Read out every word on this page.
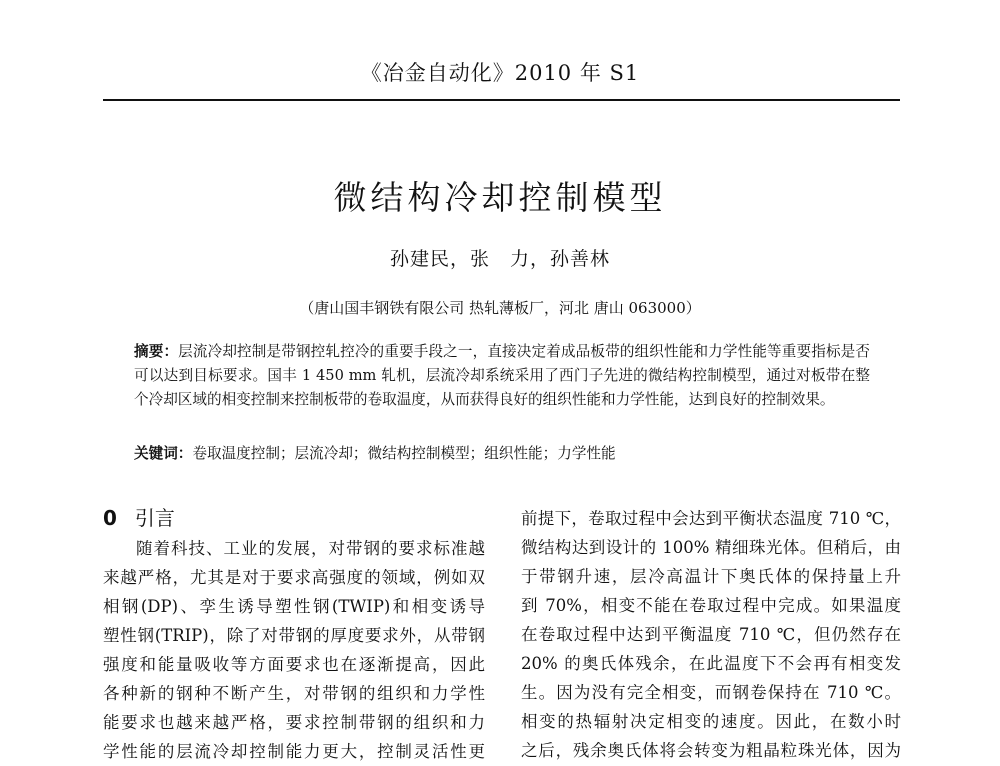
《冶金自动化》2010 年 S1
微结构冷却控制模型
孙建民，张　力，孙善林
（唐山国丰钢铁有限公司 热轧薄板厂，河北 唐山 063000）

摘要：层流冷却控制是带钢控轧控冷的重要手段之一，直接决定着成品板带的组织性能和力学性能等重要指标是否可以达到目标要求。国丰 1 450 mm 轧机，层流冷却系统采用了西门子先进的微结构控制模型，通过对板带在整个冷却区域的相变控制来控制板带的卷取温度，从而获得良好的组织性能和力学性能，达到良好的控制效果。

关键词：卷取温度控制；层流冷却；微结构控制模型；组织性能；力学性能

0 引言
随着科技、工业的发展，对带钢的要求标准越
来越严格，尤其是对于要求高强度的领域，例如双
相钢(DP)、孪生诱导塑性钢(TWIP)和相变诱导
塑性钢(TRIP)，除了对带钢的厚度要求外，从带钢
强度和能量吸收等方面要求也在逐渐提高，因此
各种新的钢种不断产生，对带钢的组织和力学性
能要求也越来越严格，要求控制带钢的组织和力
学性能的层流冷却控制能力更大，控制灵活性更
前提下，卷取过程中会达到平衡状态温度 710 ℃，
微结构达到设计的 100% 精细珠光体。但稍后，由
于带钢升速，层冷高温计下奥氏体的保持量上升
到 70%，相变不能在卷取过程中完成。如果温度
在卷取过程中达到平衡温度 710 ℃，但仍然存在
20% 的奥氏体残余，在此温度下不会再有相变发
生。因为没有完全相变，而钢卷保持在 710 ℃。
相变的热辐射决定相变的速度。因此，在数小时
之后，残余奥氏体将会转变为粗晶粒珠光体，因为
